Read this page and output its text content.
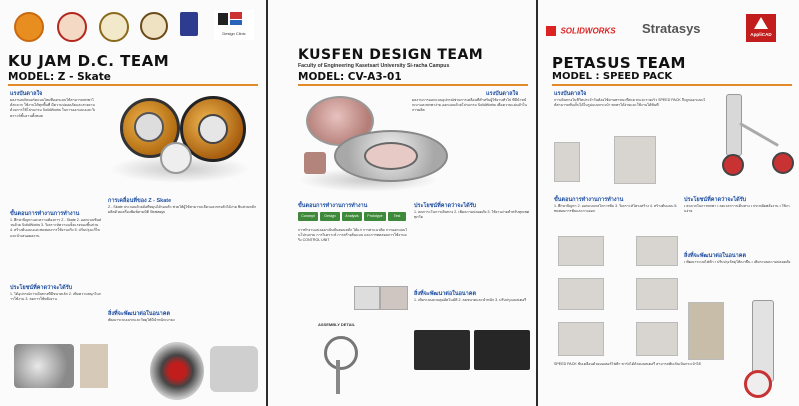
Design Clinic
KU JAM D.C. TEAM
MODEL: Z - Skate
แรงบันดาลใจ
ผลงานสเก็ตบอร์ดแบบใหม่ที่ออกแบบให้สามารถพกพาได้สะดวก ใช้งานได้ทุกพื้นที่ มีความปลอดภัยและสวยงาม ด้วยการใช้โปรแกรม SolidWorks ในการออกแบบและวิเคราะห์ชิ้นงานทั้งหมด
การเคลื่อนที่ของ Z - Skate
Z - Skate ประกอบด้วยล้อที่หมุนได้รอบตัว ช่วยให้ผู้ใช้สามารถเลี้ยวและทรงตัวได้ง่าย ชิ้นส่วนหลักผลิตด้วยเครื่องพิมพ์สามมิติ Stratasys
ขั้นตอนการทำงานการทำงาน
1. ศึกษาปัญหาและความต้องการ Z - Skate 2. ออกแบบชิ้นส่วนด้วย SolidWorks 3. วิเคราะห์ความแข็งแรงของชิ้นส่วน 4. สร้างต้นแบบและทดสอบการใช้งานจริง 5. ปรับปรุงแก้ไขและนำเสนอผลงาน
ประโยชน์ที่คาดว่าจะได้รับ
1. ได้อุปกรณ์การเดินทางที่มีขนาดเล็ก 2. เพิ่มความสนุกในการใช้งาน 3. ลดการใช้พลังงาน
สิ่งที่จะพัฒนาต่อในอนาคต
พัฒนาระบบเบรกและวัสดุให้มีน้ำหนักเบาลง
KUSFEN DESIGN TEAM
Faculty of Engineering Kasetsart University Si-racha Campus
MODEL: CV-A3-01
แรงบันดาลใจ
ผลงานการออกแบบอุปกรณ์ช่วยการเคลื่อนที่สำหรับผู้ใช้งานทั่วไป ที่มีน้ำหนักเบาและพกพาง่าย ออกแบบด้วยโปรแกรม SolidWorks เพื่อความแม่นยำในการผลิต
ขั้นตอนการทำงานการทำงาน
Concept	Design	Analysis	Prototype	Test
การทำงานแบ่งออกเป็นขั้นตอนหลัก ได้แก่ การหาแนวคิด การออกแบบในโปรแกรม การวิเคราะห์ การสร้างต้นแบบ และการทดสอบการใช้งานจริง CONTROL UNIT
ประโยชน์ที่คาดว่าจะได้รับ
1. ลดภาระในการเดินทาง 2. เพิ่มความปลอดภัย 3. ใช้งานง่ายสำหรับทุกเพศทุกวัย
สิ่งที่จะพัฒนาต่อในอนาคต
1. เพิ่มระบบควบคุมอัตโนมัติ 2. ลดขนาดและน้ำหนัก 3. ปรับปรุงแบตเตอรี่
ASSEMBLY DETAIL
SOLIDWORKS Stratasys	AppliCAD
PETASUS TEAM
MODEL : SPEED PACK
แรงบันดาลใจ
การเดินทางในชีวิตประจำวันต้องใช้ยานพาหนะที่สะดวกและรวดเร็ว SPEED PACK จึงถูกออกแบบให้สามารถพับเก็บได้ในรูปแบบกระเป๋า พกพาได้ง่ายและใช้งานได้ทันที
ขั้นตอนการทำงานการทำงาน
1. ศึกษาปัญหา 2. ออกแบบกลไกการพับ 3. วิเคราะห์โครงสร้าง 4. สร้างต้นแบบ 5. ทดสอบการพับและกางออก
SPEED PACK ขับเคลื่อนด้วยมอเตอร์ไฟฟ้า ชาร์จได้ด้วยแบตเตอรี่ สามารถพับเก็บเป็นกระเป๋าได้
ประโยชน์ที่คาดว่าจะได้รับ
• สะดวกในการพกพา • ลดเวลาการเดินทาง • ประหยัดพลังงาน • ใช้งานง่าย
สิ่งที่จะพัฒนาต่อในอนาคต
• พัฒนาระบบไฟฟ้า • ปรับปรุงวัสดุให้เบาขึ้น • เพิ่มระบบความปลอดภัย
